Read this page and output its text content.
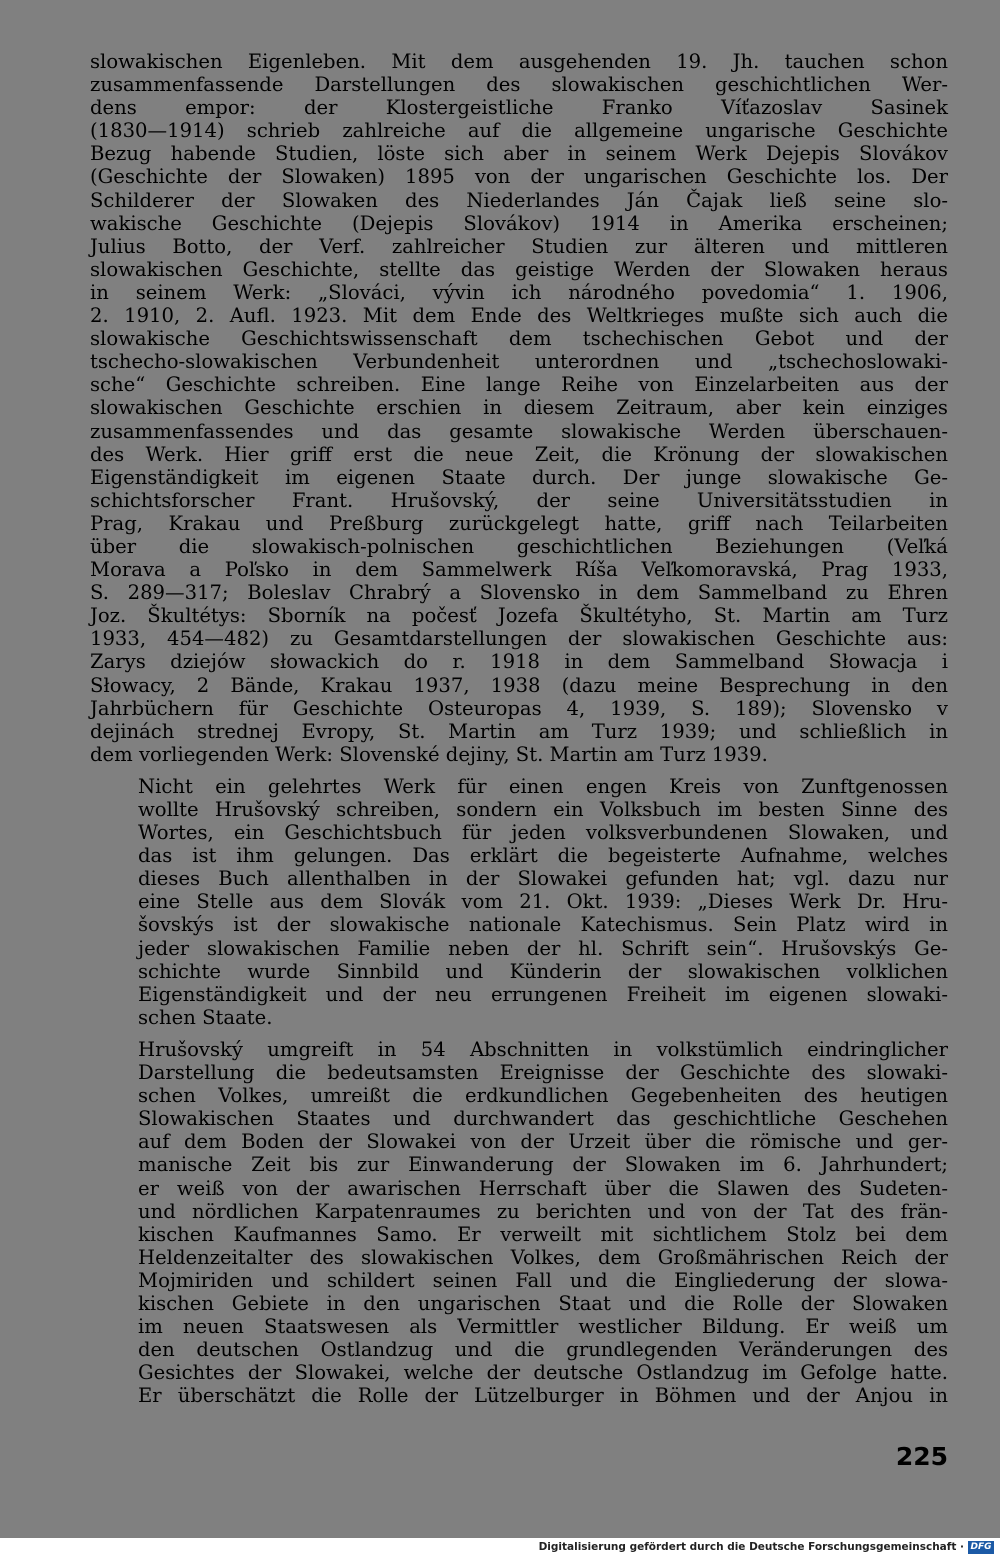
slowakischen Eigenleben. Mit dem ausgehenden 19. Jh. tauchen schon
zusammenfassende Darstellungen des slowakischen geschichtlichen Wer-
dens empor: der Klostergeistliche Franko Víťazoslav Sasinek
(1830—1914) schrieb zahlreiche auf die allgemeine ungarische Geschichte
Bezug habende Studien, löste sich aber in seinem Werk Dejepis Slovákov
(Geschichte der Slowaken) 1895 von der ungarischen Geschichte los. Der
Schilderer der Slowaken des Niederlandes Ján Čajak ließ seine slo-
wakische Geschichte (Dejepis Slovákov) 1914 in Amerika erscheinen;
Julius Botto, der Verf. zahlreicher Studien zur älteren und mittleren
slowakischen Geschichte, stellte das geistige Werden der Slowaken heraus
in seinem Werk: „Slováci, vývin ich národného povedomia“ 1. 1906,
2. 1910, 2. Aufl. 1923. Mit dem Ende des Weltkrieges mußte sich auch die
slowakische Geschichtswissenschaft dem tschechischen Gebot und der
tschecho-slowakischen Verbundenheit unterordnen und „tschechoslowaki-
sche“ Geschichte schreiben. Eine lange Reihe von Einzelarbeiten aus der
slowakischen Geschichte erschien in diesem Zeitraum, aber kein einziges
zusammenfassendes und das gesamte slowakische Werden überschauen-
des Werk. Hier griff erst die neue Zeit, die Krönung der slowakischen
Eigenständigkeit im eigenen Staate durch. Der junge slowakische Ge-
schichtsforscher Frant. Hrušovský, der seine Universitätsstudien in
Prag, Krakau und Preßburg zurückgelegt hatte, griff nach Teilarbeiten
über die slowakisch-polnischen geschichtlichen Beziehungen (Veľká
Morava a Poľsko in dem Sammelwerk Ríša Veľkomoravská, Prag 1933,
S. 289—317; Boleslav Chrabrý a Slovensko in dem Sammelband zu Ehren
Joz. Škultétys: Sborník na počesť Jozefa Škultétyho, St. Martin am Turz
1933, 454—482) zu Gesamtdarstellungen der slowakischen Geschichte aus:
Zarys dziejów słowackich do r. 1918 in dem Sammelband Słowacja i
Słowacy, 2 Bände, Krakau 1937, 1938 (dazu meine Besprechung in den
Jahrbüchern für Geschichte Osteuropas 4, 1939, S. 189); Slovensko v
dejinách strednej Evropy, St. Martin am Turz 1939; und schließlich in
dem vorliegenden Werk: Slovenské dejiny, St. Martin am Turz 1939.

Nicht ein gelehrtes Werk für einen engen Kreis von Zunftgenossen
wollte Hrušovský schreiben, sondern ein Volksbuch im besten Sinne des
Wortes, ein Geschichtsbuch für jeden volksverbundenen Slowaken, und
das ist ihm gelungen. Das erklärt die begeisterte Aufnahme, welches
dieses Buch allenthalben in der Slowakei gefunden hat; vgl. dazu nur
eine Stelle aus dem Slovák vom 21. Okt. 1939: „Dieses Werk Dr. Hru-
šovskýs ist der slowakische nationale Katechismus. Sein Platz wird in
jeder slowakischen Familie neben der hl. Schrift sein“. Hrušovskýs Ge-
schichte wurde Sinnbild und Künderin der slowakischen volklichen
Eigenständigkeit und der neu errungenen Freiheit im eigenen slowaki-
schen Staate.

Hrušovský umgreift in 54 Abschnitten in volkstümlich eindringlicher
Darstellung die bedeutsamsten Ereignisse der Geschichte des slowaki-
schen Volkes, umreißt die erdkundlichen Gegebenheiten des heutigen
Slowakischen Staates und durchwandert das geschichtliche Geschehen
auf dem Boden der Slowakei von der Urzeit über die römische und ger-
manische Zeit bis zur Einwanderung der Slowaken im 6. Jahrhundert;
er weiß von der awarischen Herrschaft über die Slawen des Sudeten-
und nördlichen Karpatenraumes zu berichten und von der Tat des frän-
kischen Kaufmannes Samo. Er verweilt mit sichtlichem Stolz bei dem
Heldenzeitalter des slowakischen Volkes, dem Großmährischen Reich der
Mojmiriden und schildert seinen Fall und die Eingliederung der slowa-
kischen Gebiete in den ungarischen Staat und die Rolle der Slowaken
im neuen Staatswesen als Vermittler westlicher Bildung. Er weiß um
den deutschen Ostlandzug und die grundlegenden Veränderungen des
Gesichtes der Slowakei, welche der deutsche Ostlandzug im Gefolge hatte.
Er überschätzt die Rolle der Lützelburger in Böhmen und der Anjou in

225
Digitalisierung gefördert durch die Deutsche Forschungsgemeinschaft · DFG
